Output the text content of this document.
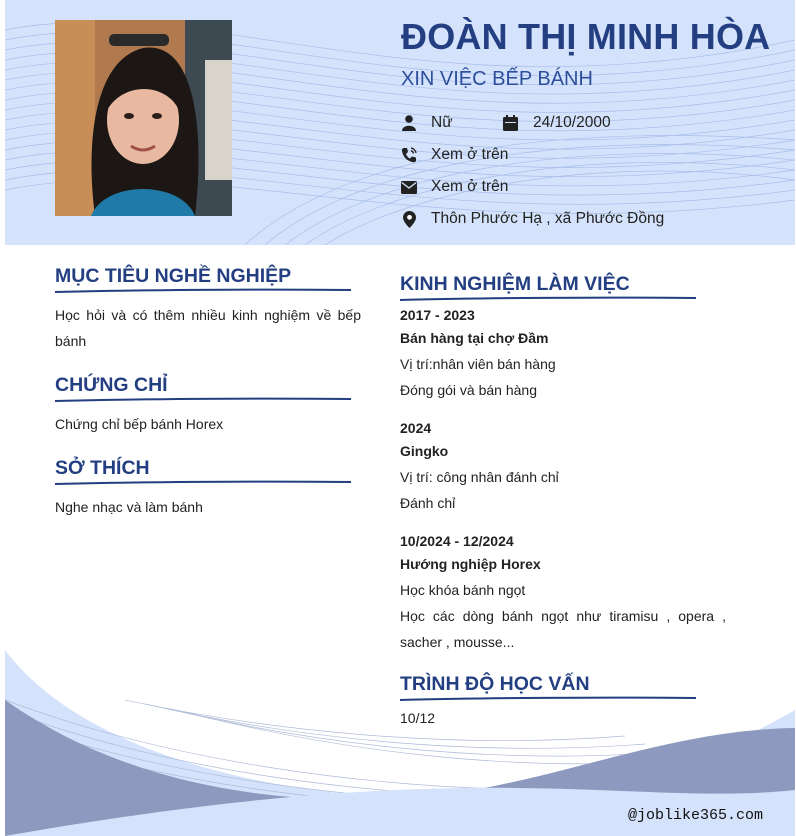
ĐOÀN THỊ MINH HÒA
XIN VIỆC BẾP BÁNH
Nữ	24/10/2000
Xem ở trên
Xem ở trên
Thôn Phước Hạ , xã Phước Đồng
@joblike365.com
MỤC TIÊU NGHỀ NGHIỆP
Học hỏi và có thêm nhiều kinh nghiệm về bếp bánh
CHỨNG CHỈ
Chứng chỉ bếp bánh Horex
SỞ THÍCH
Nghe nhạc và làm bánh
KINH NGHIỆM LÀM VIỆC
2017 - 2023
Bán hàng tại chợ Đầm
Vị trí:nhân viên bán hàng
Đóng gói và bán hàng
2024
Gingko
Vị trí: công nhân đánh chỉ
Đánh chỉ
10/2024 - 12/2024
Hướng nghiệp Horex
Học khóa bánh ngọt
Học các dòng bánh ngọt như tiramisu , opera , sacher , mousse...
TRÌNH ĐỘ HỌC VẤN
10/12
